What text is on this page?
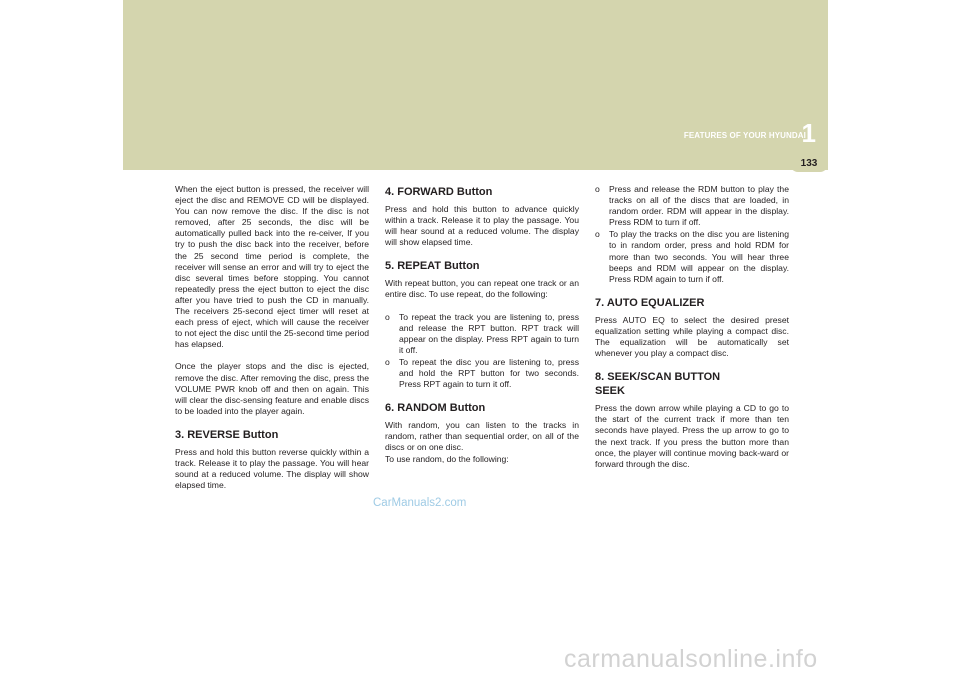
1
FEATURES OF YOUR HYUNDAI
133

When the eject button is pressed, the receiver will eject the disc and REMOVE CD will be displayed. You can now remove the disc. If the disc is not removed, after 25 seconds, the disc will be automatically pulled back into the re-ceiver, If you try to push the disc back into the receiver, before the 25 second time period is complete, the receiver will sense an error and will try to eject the disc several times before stopping. You cannot repeatedly press the eject button to eject the disc after you have tried to push the CD in manually. The receivers 25-second eject timer will reset at each press of eject, which will cause the receiver to not eject the disc until the 25-second time period has elapsed.

Once the player stops and the disc is ejected, remove the disc. After removing the disc, press the VOLUME PWR knob off and then on again. This will clear the disc-sensing feature and enable discs to be loaded into the player again.

3. REVERSE Button

Press and hold this button reverse quickly within a track. Release it to play the passage. You will hear sound at a reduced volume. The display will show elapsed time.

4. FORWARD Button

Press and hold this button to advance quickly within a track. Release it to play the passage. You will hear sound at a reduced volume. The display will show elapsed time.

5. REPEAT Button

With repeat button, you can repeat one track or an entire disc. To use repeat, do the following:

o To repeat the track you are listening to, press and release the RPT button. RPT track will appear on the display. Press RPT again to turn it off.
o To repeat the disc you are listening to, press and hold the RPT button for two seconds. Press RPT again to turn it off.
6. RANDOM Button

With random, you can listen to the tracks in random, rather than sequential order, on all of the discs or on one disc.

To use random, do the following:

o Press and release the RDM button to play the tracks on all of the discs that are loaded, in random order. RDM will appear in the display. Press RDM to turn if off.
o To play the tracks on the disc you are listening to in random order, press and hold RDM for more than two seconds. You will hear three beeps and RDM will appear on the display. Press RDM again to turn if off.
7. AUTO EQUALIZER

Press AUTO EQ to select the desired preset equalization setting while playing a compact disc. The equalization will be automatically set whenever you play a compact disc.

8. SEEK/SCAN BUTTON
SEEK

Press the down arrow while playing a CD to go to the start of the current track if more than ten seconds have played. Press the up arrow to go to the next track. If you press the button more than once, the player will continue moving back-ward or forward through the disc.

CarManuals2.com
carmanualsonline.info
